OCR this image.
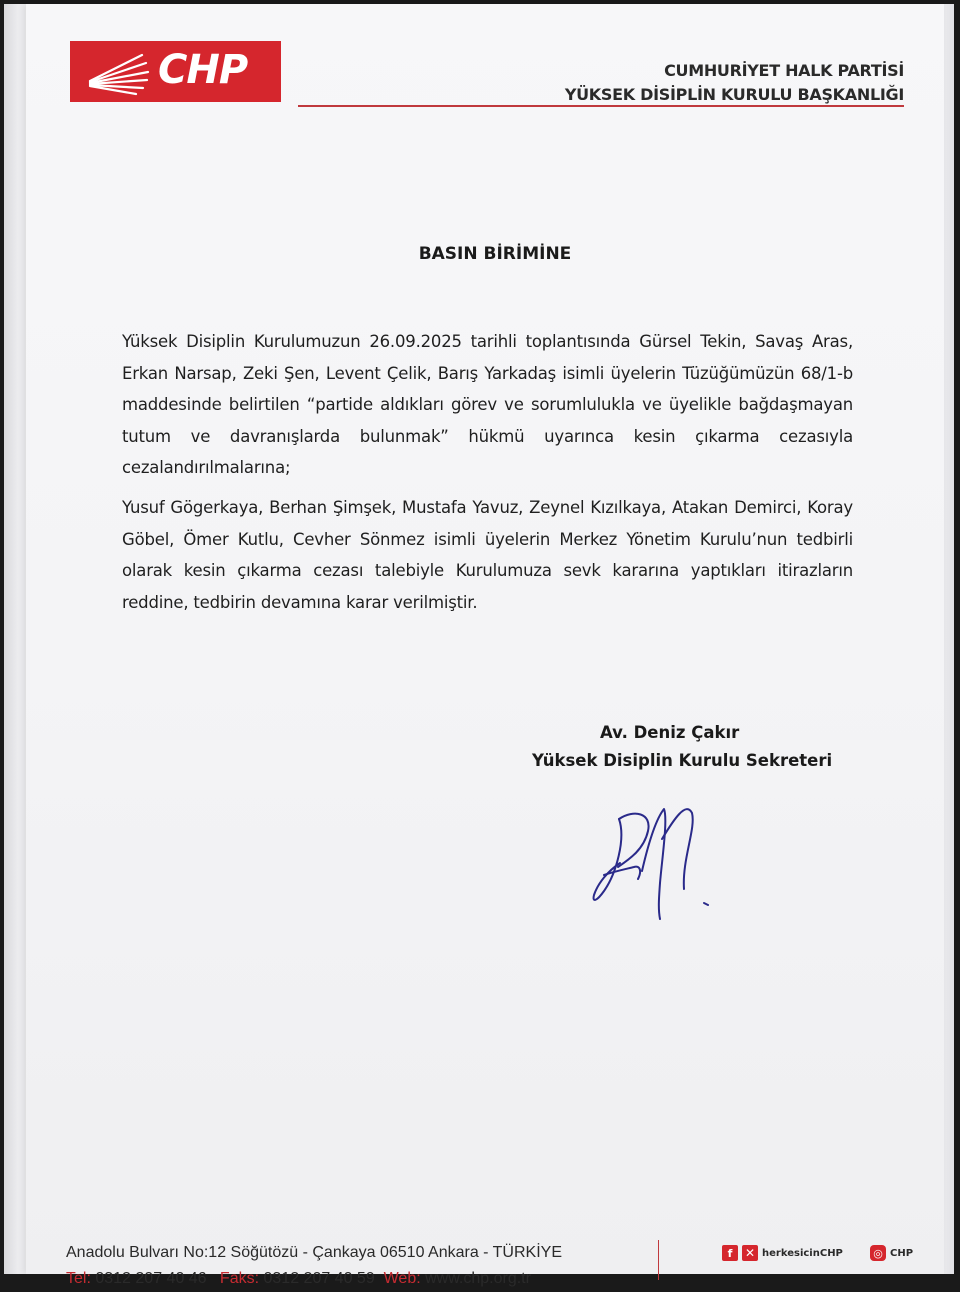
CHP	CUMHURİYET HALK PARTİSİ
YÜKSEK DİSİPLİN KURULU BAŞKANLIĞI
BASIN BİRİMİNE
Yüksek Disiplin Kurulumuzun 26.09.2025 tarihli toplantısında Gürsel Tekin, Savaş Aras, Erkan Narsap, Zeki Şen, Levent Çelik, Barış Yarkadaş isimli üyelerin Tüzüğümüzün 68/1-b maddesinde belirtilen “partide aldıkları görev ve sorumlulukla ve üyelikle bağdaşmayan tutum ve davranışlarda bulunmak” hükmü uyarınca kesin çıkarma cezasıyla cezalandırılmalarına;
Yusuf Gögerkaya, Berhan Şimşek, Mustafa Yavuz, Zeynel Kızılkaya, Atakan Demirci, Koray Göbel, Ömer Kutlu, Cevher Sönmez isimli üyelerin Merkez Yönetim Kurulu’nun tedbirli olarak kesin çıkarma cezası talebiyle Kurulumuza sevk kararına yaptıkları itirazların reddine, tedbirin devamına karar verilmiştir.
Av. Deniz Çakır
Yüksek Disiplin Kurulu Sekreteri
Anadolu Bulvarı No:12 Söğütözü - Çankaya 06510 Ankara - TÜRKİYE
Tel: 0312 207 40 46 Faks: 0312 207 40 59 Web: www.chp.org.tr
f	✕ herkesicinCHP	◎ CHP
